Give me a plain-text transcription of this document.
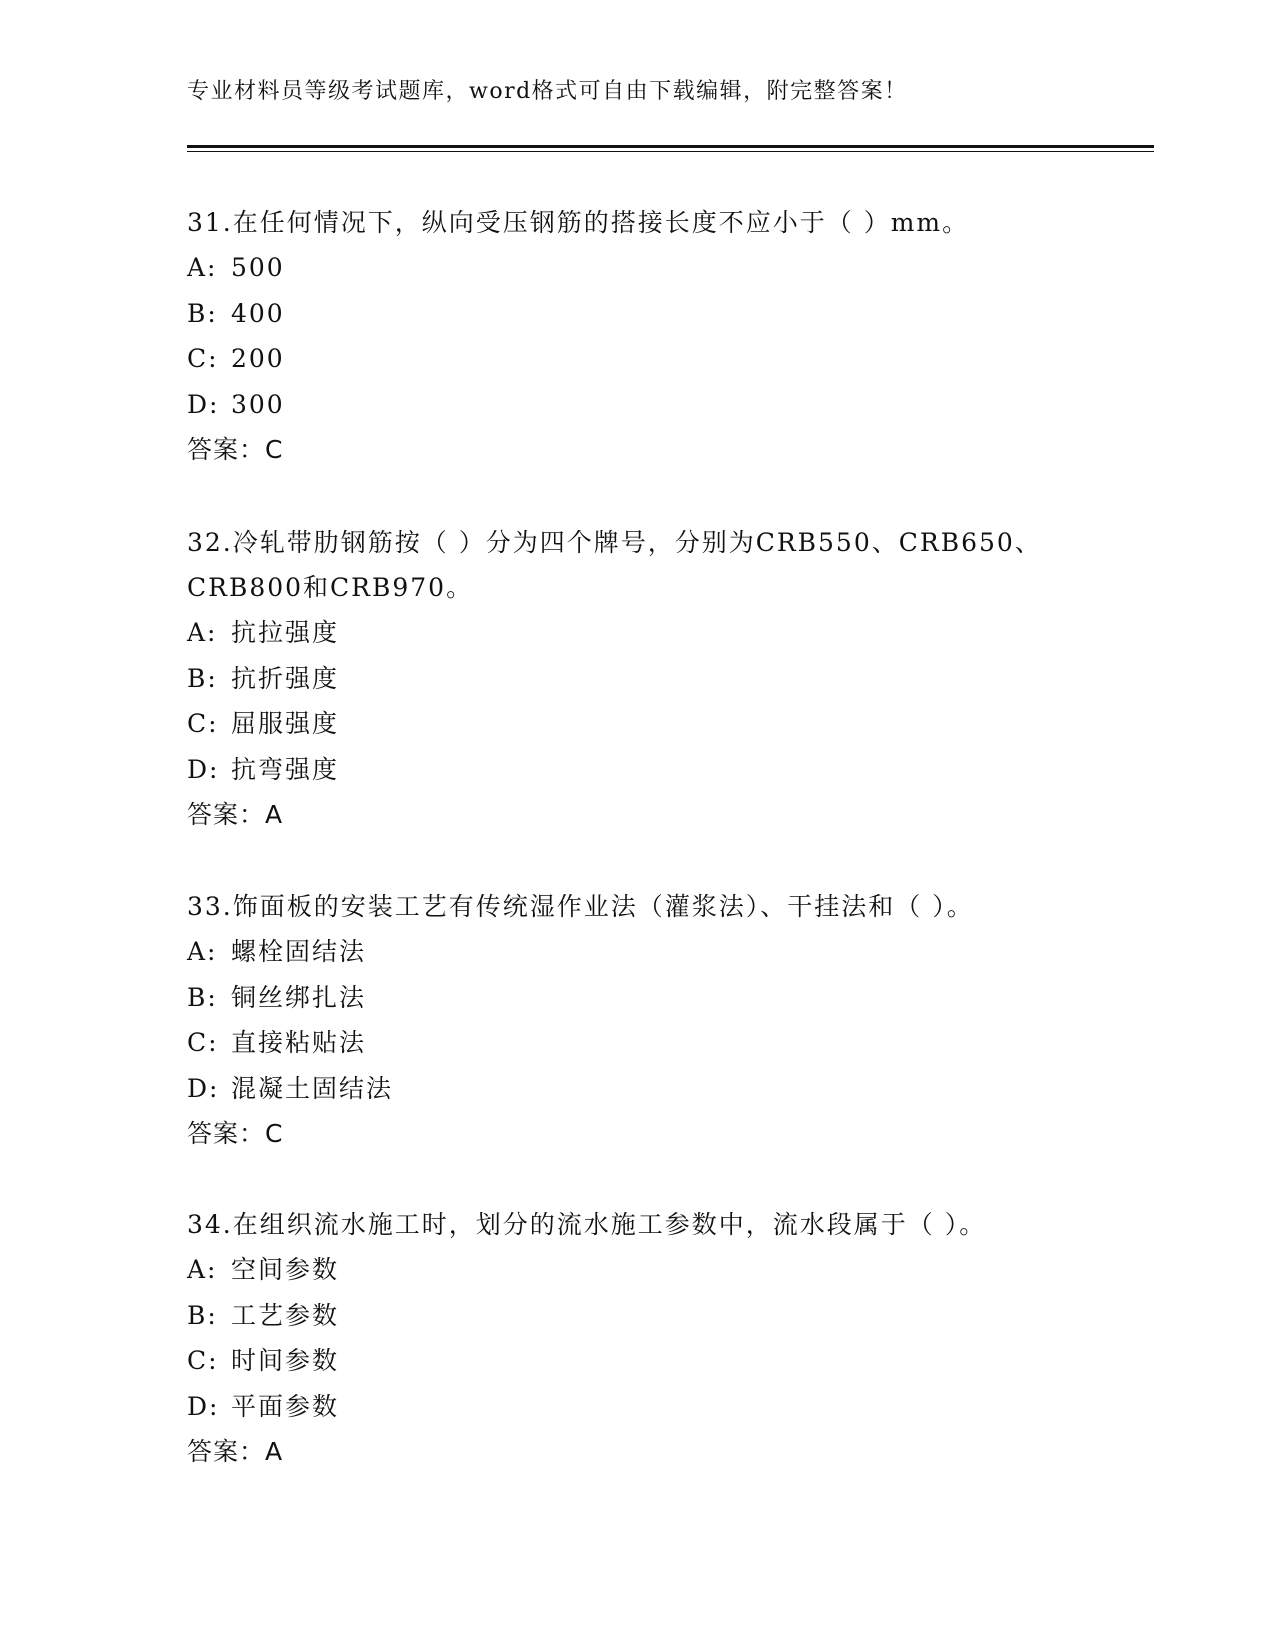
专业材料员等级考试题库，word格式可自由下载编辑，附完整答案！
31.在任何情况下，纵向受压钢筋的搭接长度不应小于（ ）mm。
A: 500
B: 400
C: 200
D: 300
答案：C
32.冷轧带肋钢筋按（ ）分为四个牌号，分别为CRB550、CRB650、CRB800和CRB970。
A: 抗拉强度
B: 抗折强度
C: 屈服强度
D: 抗弯强度
答案：A
33.饰面板的安装工艺有传统湿作业法（灌浆法）、干挂法和（ ）。
A: 螺栓固结法
B: 铜丝绑扎法
C: 直接粘贴法
D: 混凝土固结法
答案：C
34.在组织流水施工时，划分的流水施工参数中，流水段属于（ ）。
A: 空间参数
B: 工艺参数
C: 时间参数
D: 平面参数
答案：A
